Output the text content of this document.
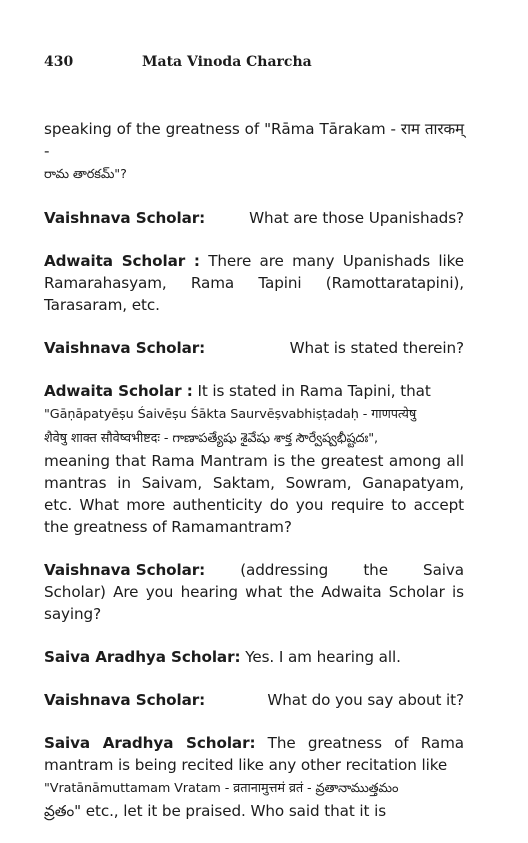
430	Mata Vinoda Charcha

speaking of the greatness of "Rāma Tārakam - राम तारकम् -
రామ తారకమ్"?

Vaishnava Scholar:	What are those Upanishads?

Adwaita Scholar : There are many Upanishads like Ramarahasyam, Rama Tapini (Ramottaratapini), Tarasaram, etc.

Vaishnava Scholar:	What is stated therein?

Adwaita Scholar : It is stated in Rama Tapini, that
"Gāṇāpatyēṣu Śaivēṣu Śākta Saurvēṣvabhiṣṭadaḥ - गाणपत्येषु
शैवेषु शाक्त सौवेष्वभीष्टदः - గాణాపత్యేషు శైవేషు శాక్త సౌర్వేష్వభీష్టదః",
meaning that Rama Mantram is the greatest among all mantras in Saivam, Saktam, Sowram, Ganapatyam, etc. What more authenticity do you require to accept the greatness of Ramamantram?

Vaishnava Scholar: (addressing the Saiva
Scholar) Are you hearing what the Adwaita Scholar is saying?

Saiva Aradhya Scholar: Yes. I am hearing all.

Vaishnava Scholar:	What do you say about it?

Saiva Aradhya Scholar: The greatness of Rama mantram is being recited like any other recitation like
"Vratānāmuttamam Vratam - व्रतानामुत्तमं व्रतं - వ్రతానాముత్తమం
వ్రతం" etc., let it be praised. Who said that it is
